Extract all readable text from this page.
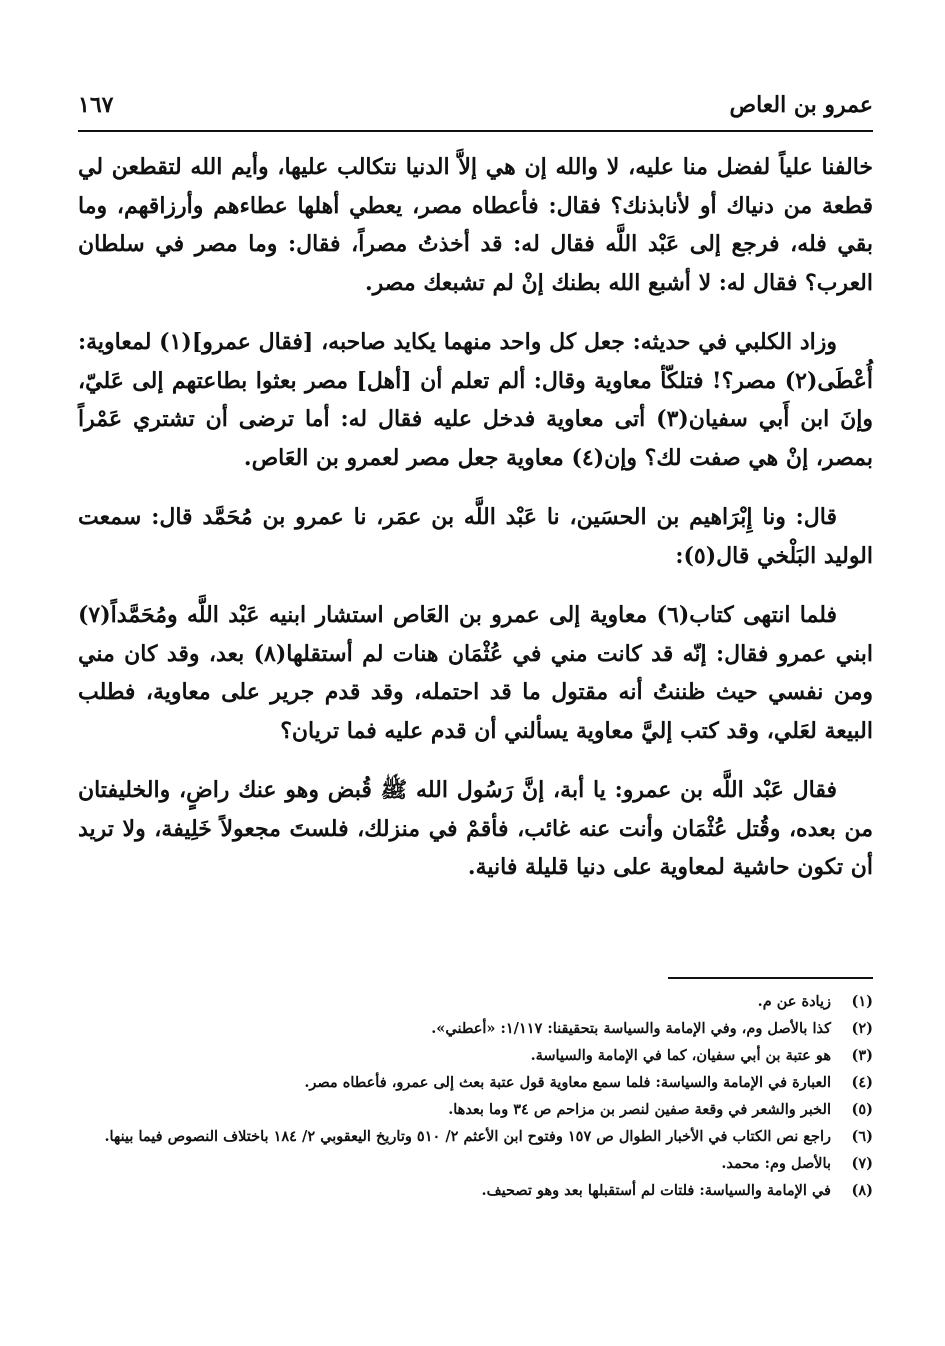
عمرو بن العاص
١٦٧

خالفنا علياً لفضل منا عليه، لا والله إن هي إلاَّ الدنيا نتكالب عليها، وأيم الله لتقطعن لي قطعة من دنياك أو لأنابذنك؟ فقال: فأعطاه مصر، يعطي أهلها عطاءهم وأرزاقهم، وما بقي فله، فرجع إلى عَبْد اللَّه فقال له: قد أخذتُ مصراً، فقال: وما مصر في سلطان العرب؟ فقال له: لا أشبع الله بطنك إنْ لم تشبعك مصر.

وزاد الكلبي في حديثه: جعل كل واحد منهما يكايد صاحبه، [فقال عمرو](١) لمعاوية: أُعْطَى(٢) مصر؟! فتلكّأ معاوية وقال: ألم تعلم أن [أهل] مصر بعثوا بطاعتهم إلى عَليّ، وإنَ ابن أَبي سفيان(٣) أتى معاوية فدخل عليه فقال له: أما ترضى أن تشتري عَمْراً بمصر، إنْ هي صفت لك؟ وإن(٤) معاوية جعل مصر لعمرو بن العَاص.

قال: ونا إِبْرَاهيم بن الحسَين، نا عَبْد اللَّه بن عمَر، نا عمرو بن مُحَمَّد قال: سمعت الوليد البَلْخي قال(٥):

فلما انتهى كتاب(٦) معاوية إلى عمرو بن العَاص استشار ابنيه عَبْد اللَّه ومُحَمَّداً(٧) ابني عمرو فقال: إنّه قد كانت مني في عُثْمَان هنات لم أستقلها(٨) بعد، وقد كان مني ومن نفسي حيث ظننتُ أنه مقتول ما قد احتمله، وقد قدم جرير على معاوية، فطلب البيعة لعَلي، وقد كتب إليَّ معاوية يسألني أن قدم عليه فما تريان؟

فقال عَبْد اللَّه بن عمرو: يا أبة، إنَّ رَسُول الله ﷺ قُبض وهو عنك راضٍ، والخليفتان من بعده، وقُتل عُثْمَان وأنت عنه غائب، فأقمْ في منزلك، فلستَ مجعولاً خَلِيفة، ولا تريد أن تكون حاشية لمعاوية على دنيا قليلة فانية.

(١)
زيادة عن م.
(٢)
كذا بالأصل وم، وفي الإمامة والسياسة بتحقيقنا: ١/١١٧: «أعطني».
(٣)
هو عتبة بن أبي سفيان، كما في الإمامة والسياسة.
(٤)
العبارة في الإمامة والسياسة: فلما سمع معاوية قول عتبة بعث إلى عمرو، فأعطاه مصر.
(٥)
الخبر والشعر في وقعة صفين لنصر بن مزاحم ص ٣٤ وما بعدها.
(٦)
راجع نص الكتاب في الأخبار الطوال ص ١٥٧ وفتوح ابن الأعثم ٢/ ٥١٠ وتاريخ اليعقوبي ٢/ ١٨٤ باختلاف النصوص فيما بينها.
(٧)
بالأصل وم: محمد.
(٨)
في الإمامة والسياسة: فلتات لم أستقبلها بعد وهو تصحيف.
